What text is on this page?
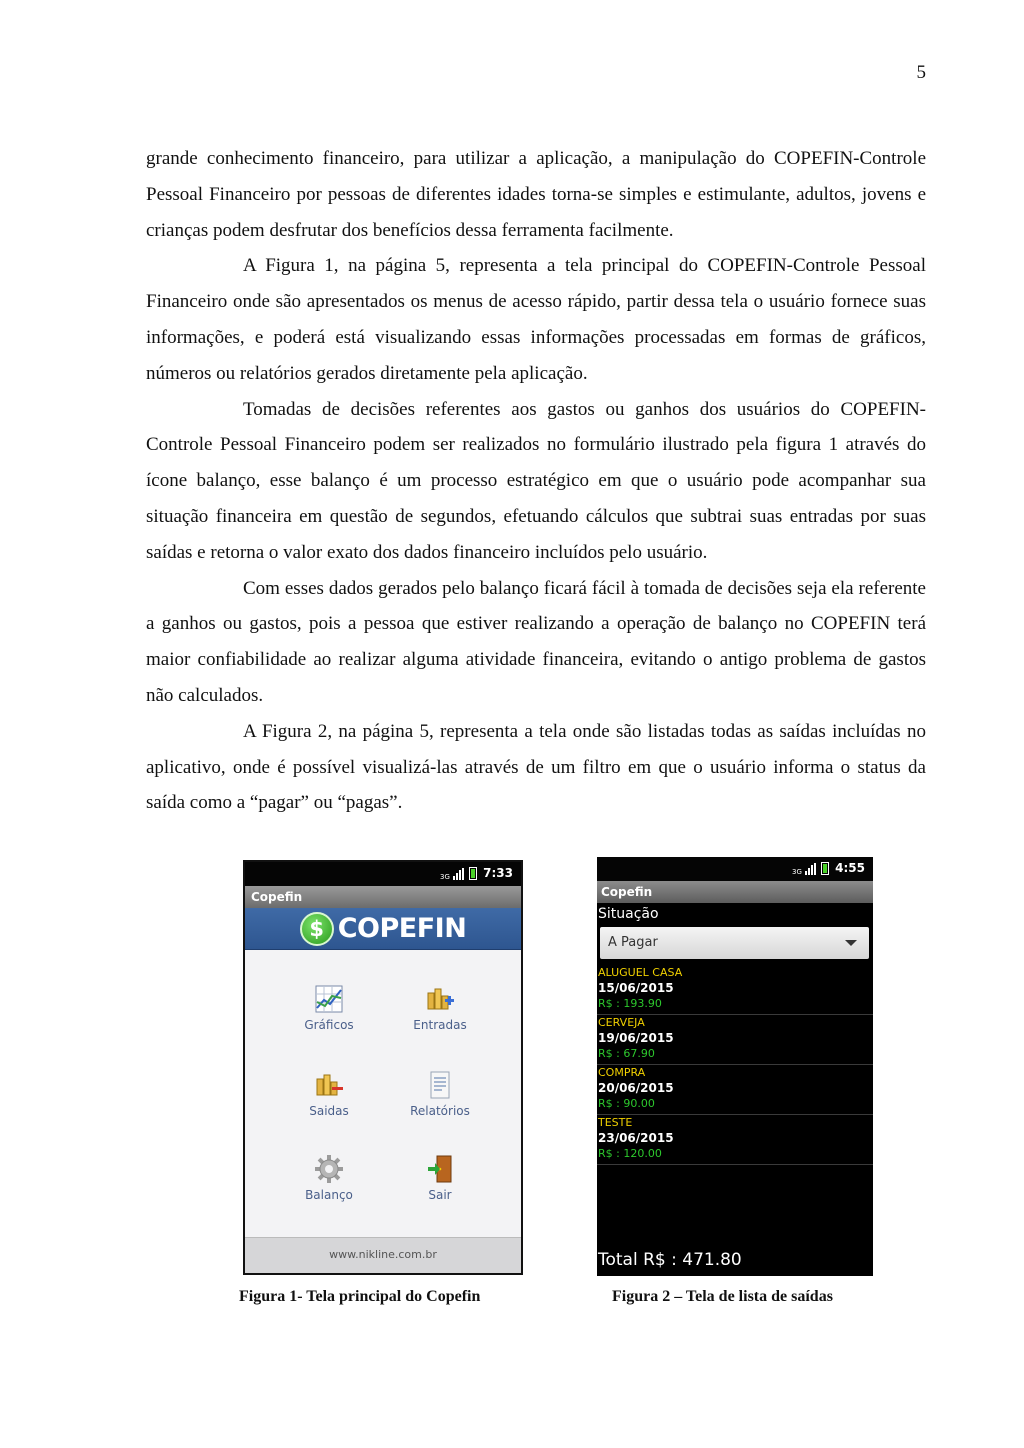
5

grande conhecimento financeiro, para utilizar a aplicação, a manipulação do COPEFIN-Controle Pessoal Financeiro por pessoas de diferentes idades torna-se simples e estimulante, adultos, jovens e crianças podem desfrutar dos benefícios dessa ferramenta facilmente.

A Figura 1, na página 5, representa a tela principal do COPEFIN-Controle Pessoal Financeiro onde são apresentados os menus de acesso rápido, partir dessa tela o usuário fornece suas informações, e poderá está visualizando essas informações processadas em formas de gráficos, números ou relatórios gerados diretamente pela aplicação.

Tomadas de decisões referentes aos gastos ou ganhos dos usuários do COPEFIN-Controle Pessoal Financeiro podem ser realizados no formulário ilustrado pela figura 1 através do ícone balanço, esse balanço é um processo estratégico em que o usuário pode acompanhar sua situação financeira em questão de segundos, efetuando cálculos que subtrai suas entradas por suas saídas e retorna o valor exato dos dados financeiro incluídos pelo usuário.

Com esses dados gerados pelo balanço ficará fácil à tomada de decisões seja ela referente a ganhos ou gastos, pois a pessoa que estiver realizando a operação de balanço no COPEFIN terá maior confiabilidade ao realizar alguma atividade financeira, evitando o antigo problema de gastos não calculados.

A Figura 2, na página 5, representa a tela onde são listadas todas as saídas incluídas no aplicativo, onde é possível visualizá-las através de um filtro em que o usuário informa o status da saída como a “pagar” ou “pagas”.

3G	7:33
Copefin
$ COPEFIN
Gráficos	Entradas
Saidas	Relatórios
Balanço	Sair
www.nikline.com.br
Figura 1- Tela principal do Copefin
3G	4:55
Copefin
Situação
A Pagar
ALUGUEL CASA
15/06/2015
R$ : 193.90
CERVEJA
19/06/2015
R$ : 67.90
COMPRA
20/06/2015
R$ : 90.00
TESTE
23/06/2015
R$ : 120.00
Total R$ : 471.80
Figura 2 – Tela de lista de saídas
